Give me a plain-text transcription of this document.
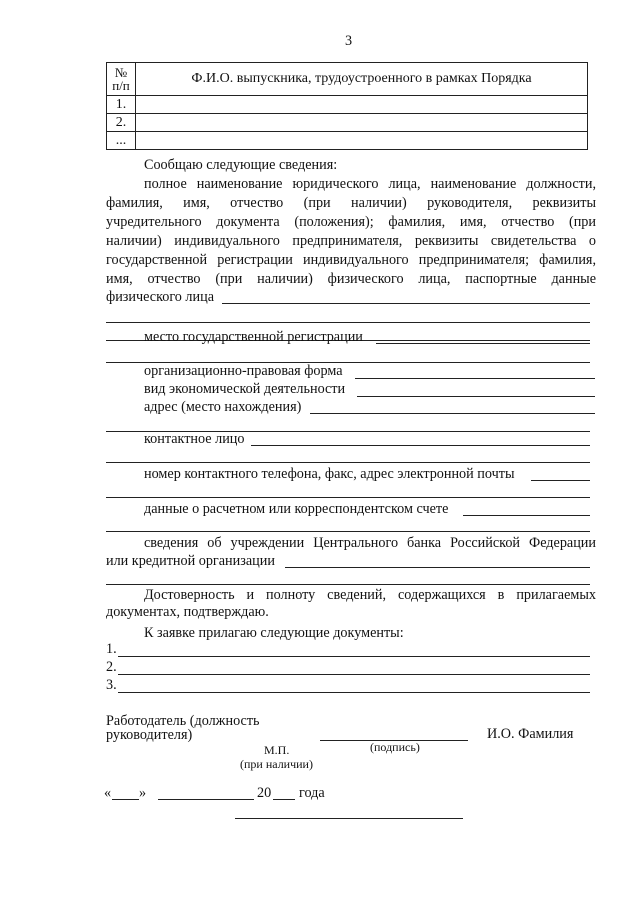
3
№
п/п	Ф.И.О. выпускника, трудоустроенного в рамках Порядка
1.	
2.	
...	
Сообщаю следующие сведения:
полное наименование юридического лица, наименование должности,
фамилия, имя, отчество (при наличии) руководителя, реквизиты
учредительного документа (положения); фамилия, имя, отчество (при
наличии) индивидуального предпринимателя, реквизиты свидетельства о
государственной регистрации индивидуального предпринимателя; фамилия,
имя, отчество (при наличии) физического лица, паспортные данные
физического лица
место государственной регистрации
организационно-правовая форма
вид экономической деятельности
адрес (место нахождения)
контактное лицо
номер контактного телефона, факс, адрес электронной почты
данные о расчетном или корреспондентском счете
сведения об учреждении Центрального банка Российской Федерации
или кредитной организации
Достоверность и полноту сведений, содержащихся в прилагаемых
документах, подтверждаю.
К заявке прилагаю следующие документы:
1.
2.
3.
Работодатель (должность
руководителя)
(подпись)
И.О. Фамилия
М.П.
(при наличии)
« »	20 года
